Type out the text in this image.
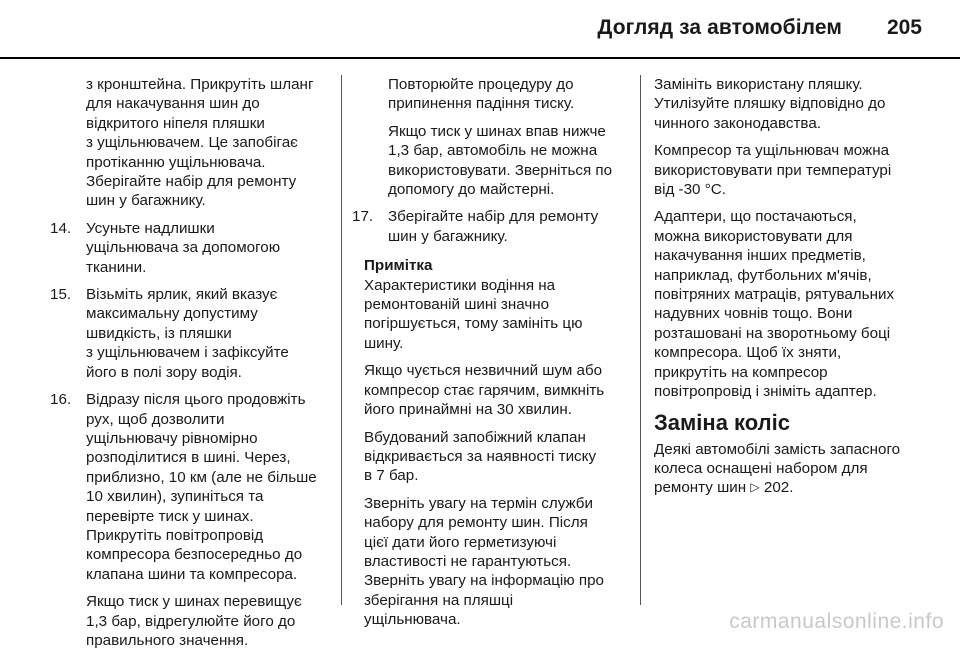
Догляд за автомобілем 205
з кронштейна. Прикрутіть шланг
для накачування шин до
відкритого ніпеля пляшки
з ущільнювачем. Це запобігає
протіканню ущільнювача.
Зберігайте набір для ремонту
шин у багажнику.
14. Усуньте надлишки
ущільнювача за допомогою
тканини.
15. Візьміть ярлик, який вказує
максимальну допустиму
швидкість, із пляшки
з ущільнювачем і зафіксуйте
його в полі зору водія.
16. Відразу після цього продовжіть
рух, щоб дозволити
ущільнювачу рівномірно
розподілитися в шині. Через,
приблизно, 10 км (але не більше
10 хвилин), зупиніться та
перевірте тиск у шинах.
Прикрутіть повітропровід
компресора безпосередньо до
клапана шини та компресора.
Якщо тиск у шинах перевищує
1,3 бар, відрегулюйте його до
правильного значення.
Повторюйте процедуру до
припинення падіння тиску.
Якщо тиск у шинах впав нижче
1,3 бар, автомобіль не можна
використовувати. Зверніться по
допомогу до майстерні.
17. Зберігайте набір для ремонту
шин у багажнику.
Примітка
Характеристики водіння на
ремонтованій шині значно
погіршується, тому замініть цю
шину.
Якщо чується незвичний шум або
компресор стає гарячим, вимкніть
його принаймні на 30 хвилин.
Вбудований запобіжний клапан
відкривається за наявності тиску
в 7 бар.
Зверніть увагу на термін служби
набору для ремонту шин. Після
цієї дати його герметизуючі
властивості не гарантуються.
Зверніть увагу на інформацію про
зберігання на пляшці
ущільнювача.
Замініть використану пляшку.
Утилізуйте пляшку відповідно до
чинного законодавства.
Компресор та ущільнювач можна
використовувати при температурі
від -30 °C.
Адаптери, що постачаються,
можна використовувати для
накачування інших предметів,
наприклад, футбольних м'ячів,
повітряних матраців, рятувальних
надувних човнів тощо. Вони
розташовані на зворотньому боці
компресора. Щоб їх зняти,
прикрутіть на компресор
повітропровід і зніміть адаптер.
Заміна коліс
Деякі автомобілі замість запасного
колеса оснащені набором для
ремонту шин ▷ 202.
carmanualsonline.info
